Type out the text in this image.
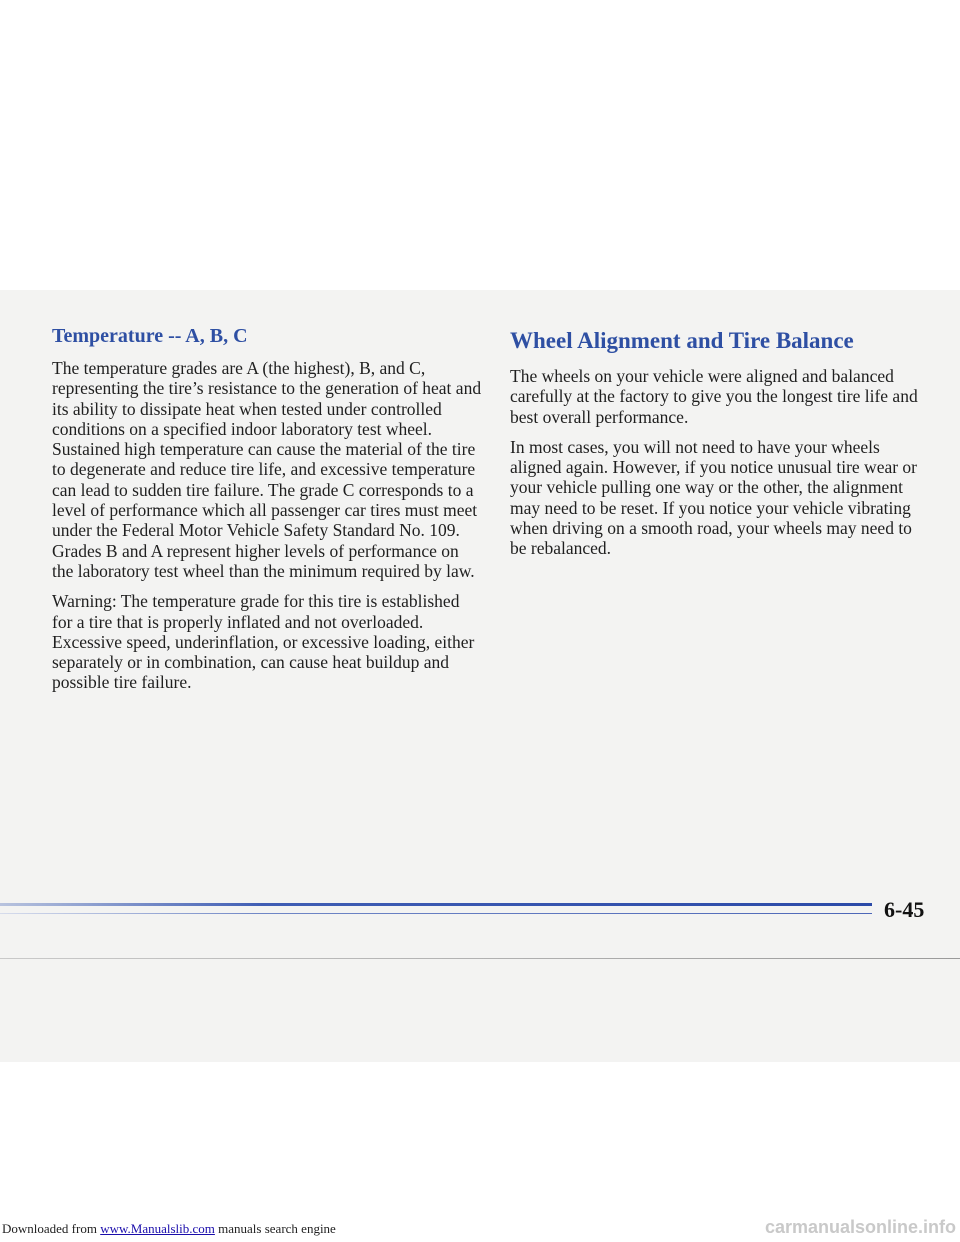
Temperature -- A, B, C

The temperature grades are A (the highest), B, and C, representing the tire’s resistance to the generation of heat and its ability to dissipate heat when tested under controlled conditions on a specified indoor laboratory test wheel. Sustained high temperature can cause the material of the tire to degenerate and reduce tire life, and excessive temperature can lead to sudden tire failure. The grade C corresponds to a level of performance which all passenger car tires must meet under the Federal Motor Vehicle Safety Standard No. 109. Grades B and A represent higher levels of performance on the laboratory test wheel than the minimum required by law.

Warning: The temperature grade for this tire is established for a tire that is properly inflated and not overloaded. Excessive speed, underinflation, or excessive loading, either separately or in combination, can cause heat buildup and possible tire failure.

Wheel Alignment and Tire Balance

The wheels on your vehicle were aligned and balanced carefully at the factory to give you the longest tire life and best overall performance.

In most cases, you will not need to have your wheels aligned again. However, if you notice unusual tire wear or your vehicle pulling one way or the other, the alignment may need to be reset. If you notice your vehicle vibrating when driving on a smooth road, your wheels may need to be rebalanced.

6-45
Downloaded from www.Manualslib.com manuals search engine	carmanualsonline.info
